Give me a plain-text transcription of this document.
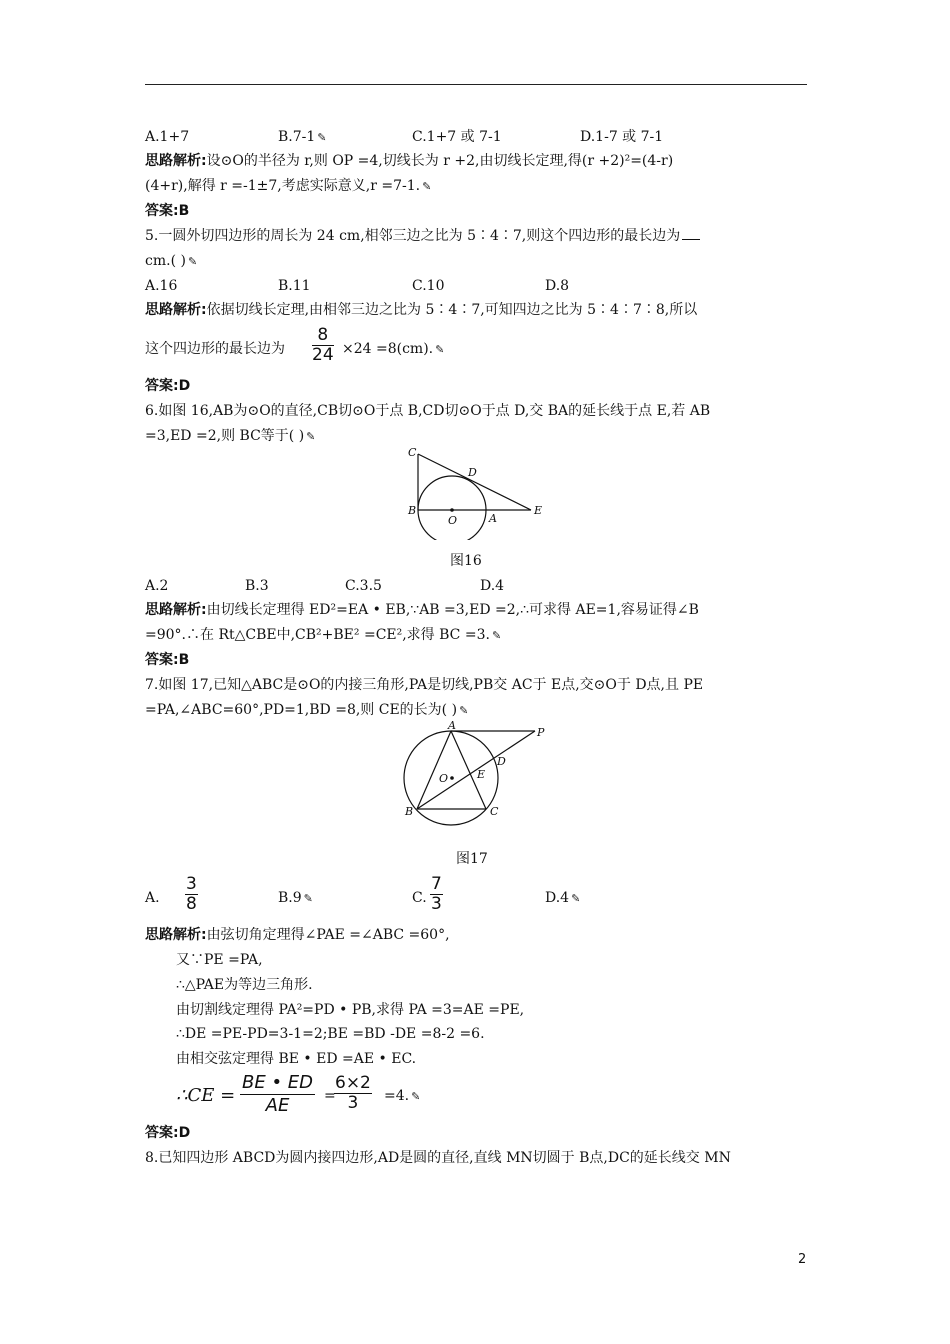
A.1+7	B.7-1 ✎	C.1+7 或 7-1	D.1-7 或 7-1
思路解析:设⊙O的半径为 r,则 OP =4,切线长为 r +2,由切线长定理,得(r +2)²=(4-r)
(4+r),解得 r =-1±7,考虑实际意义,r =7-1. ✎
答案:B
5.一圆外切四边形的周长为 24 cm,相邻三边之比为 5∶4∶7,则这个四边形的最长边为
cm.( ) ✎
A.16	B.11	C.10	D.8
思路解析:依据切线长定理,由相邻三边之比为 5∶4∶7,可知四边之比为 5∶4∶7∶8,所以
这个四边形的最长边为 $\frac{8}{24} \times 24 =8(cm)$. ✎
答案:D
6.如图 16,AB为⊙O的直径,CB切⊙O于点 B,CD切⊙O于点 D,交 BA的延长线于点 E,若 AB
=3,ED =2,则 BC等于( ) ✎
C
D
B
O	A
E
图16
A.2	B.3	C.3.5	D.4
思路解析:由切线长定理得 ED²=EA • EB,∵AB =3,ED =2,∴可求得 AE=1,容易证得∠B
=90°.∴在 Rt△CBE中,CB²+BE² =CE²,求得 BC =3. ✎
答案:B
7.如图 17,已知△ABC是⊙O的内接三角形,PA是切线,PB交 AC于 E点,交⊙O于 D点,且 PE
=PA,∠ABC=60°,PD=1,BD =8,则 CE的长为( ) ✎
A
P
D
E
O
B	C
图17
A. $\frac{3}{8}$	B.9 ✎	C. $\frac{7}{3}$	D.4 ✎
思路解析:由弦切角定理得∠PAE =∠ABC =60°,
又∵PE =PA,
∴△PAE为等边三角形.
由切割线定理得 PA²=PD • PB,求得 PA =3=AE =PE,
∴DE =PE-PD=3-1=2;BE =BD -DE =8-2 =6.
由相交弦定理得 BE • ED =AE • EC.
∴CE = $\frac{BE • ED}{AE}$ =
$\frac{6\times 2}{3} =4$. ✎
答案:D
8.已知四边形 ABCD为圆内接四边形,AD是圆的直径,直线 MN切圆于 B点,DC的延长线交 MN
2
